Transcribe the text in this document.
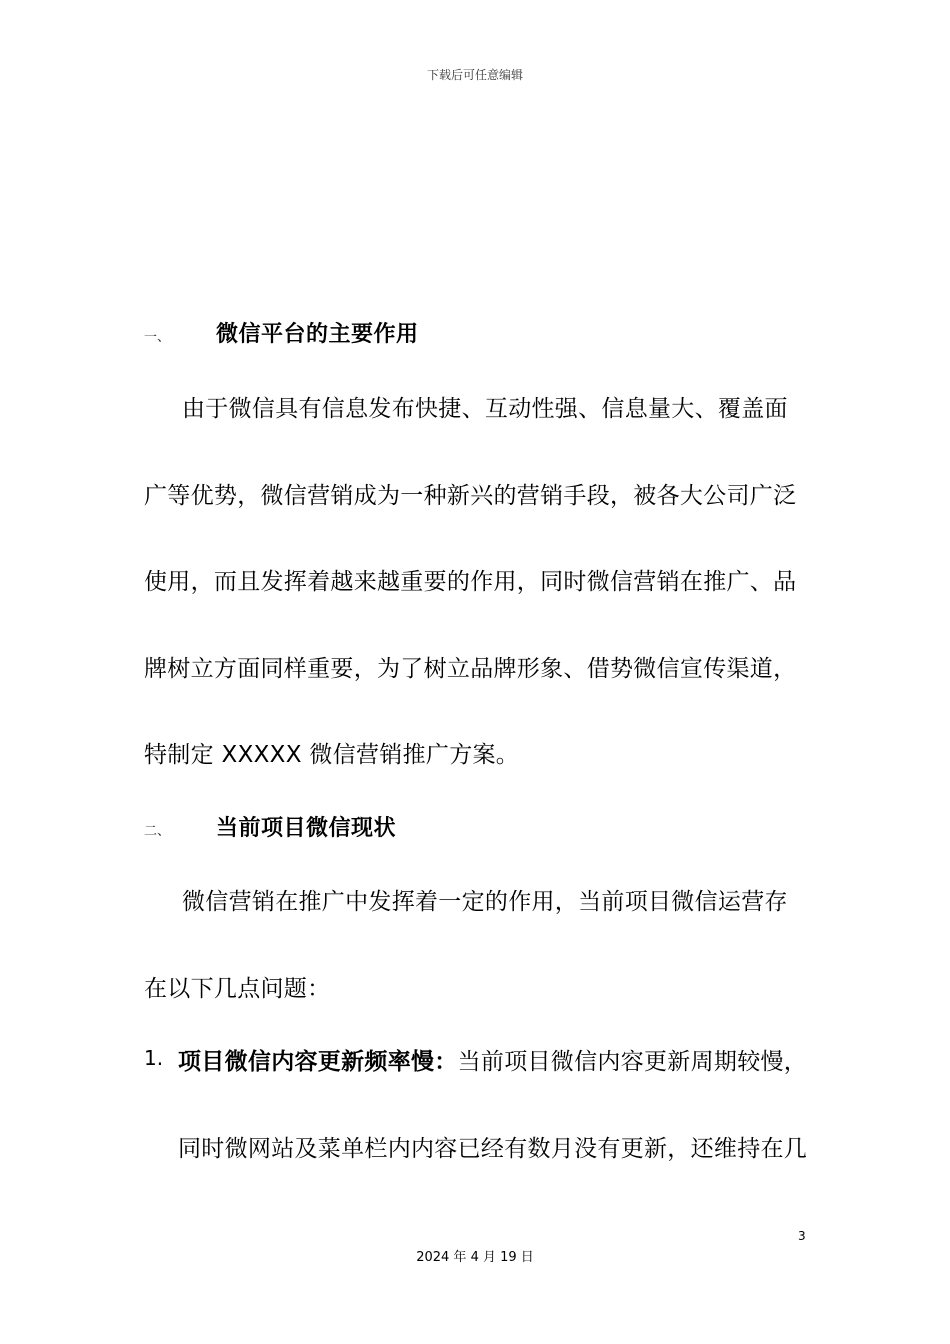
下载后可任意编辑
一、 微信平台的主要作用
由于微信具有信息发布快捷、互动性强、信息量大、覆盖面
广等优势，微信营销成为一种新兴的营销手段，被各大公司广泛
使用，而且发挥着越来越重要的作用，同时微信营销在推广、品
牌树立方面同样重要，为了树立品牌形象、借势微信宣传渠道，
特制定 XXXXX 微信营销推广方案。
二、 当前项目微信现状
微信营销在推广中发挥着一定的作用，当前项目微信运营存
在以下几点问题：
1. 项目微信内容更新频率慢：当前项目微信内容更新周期较慢，
同时微网站及菜单栏内内容已经有数月没有更新，还维持在几
3
2024 年 4 月 19 日
